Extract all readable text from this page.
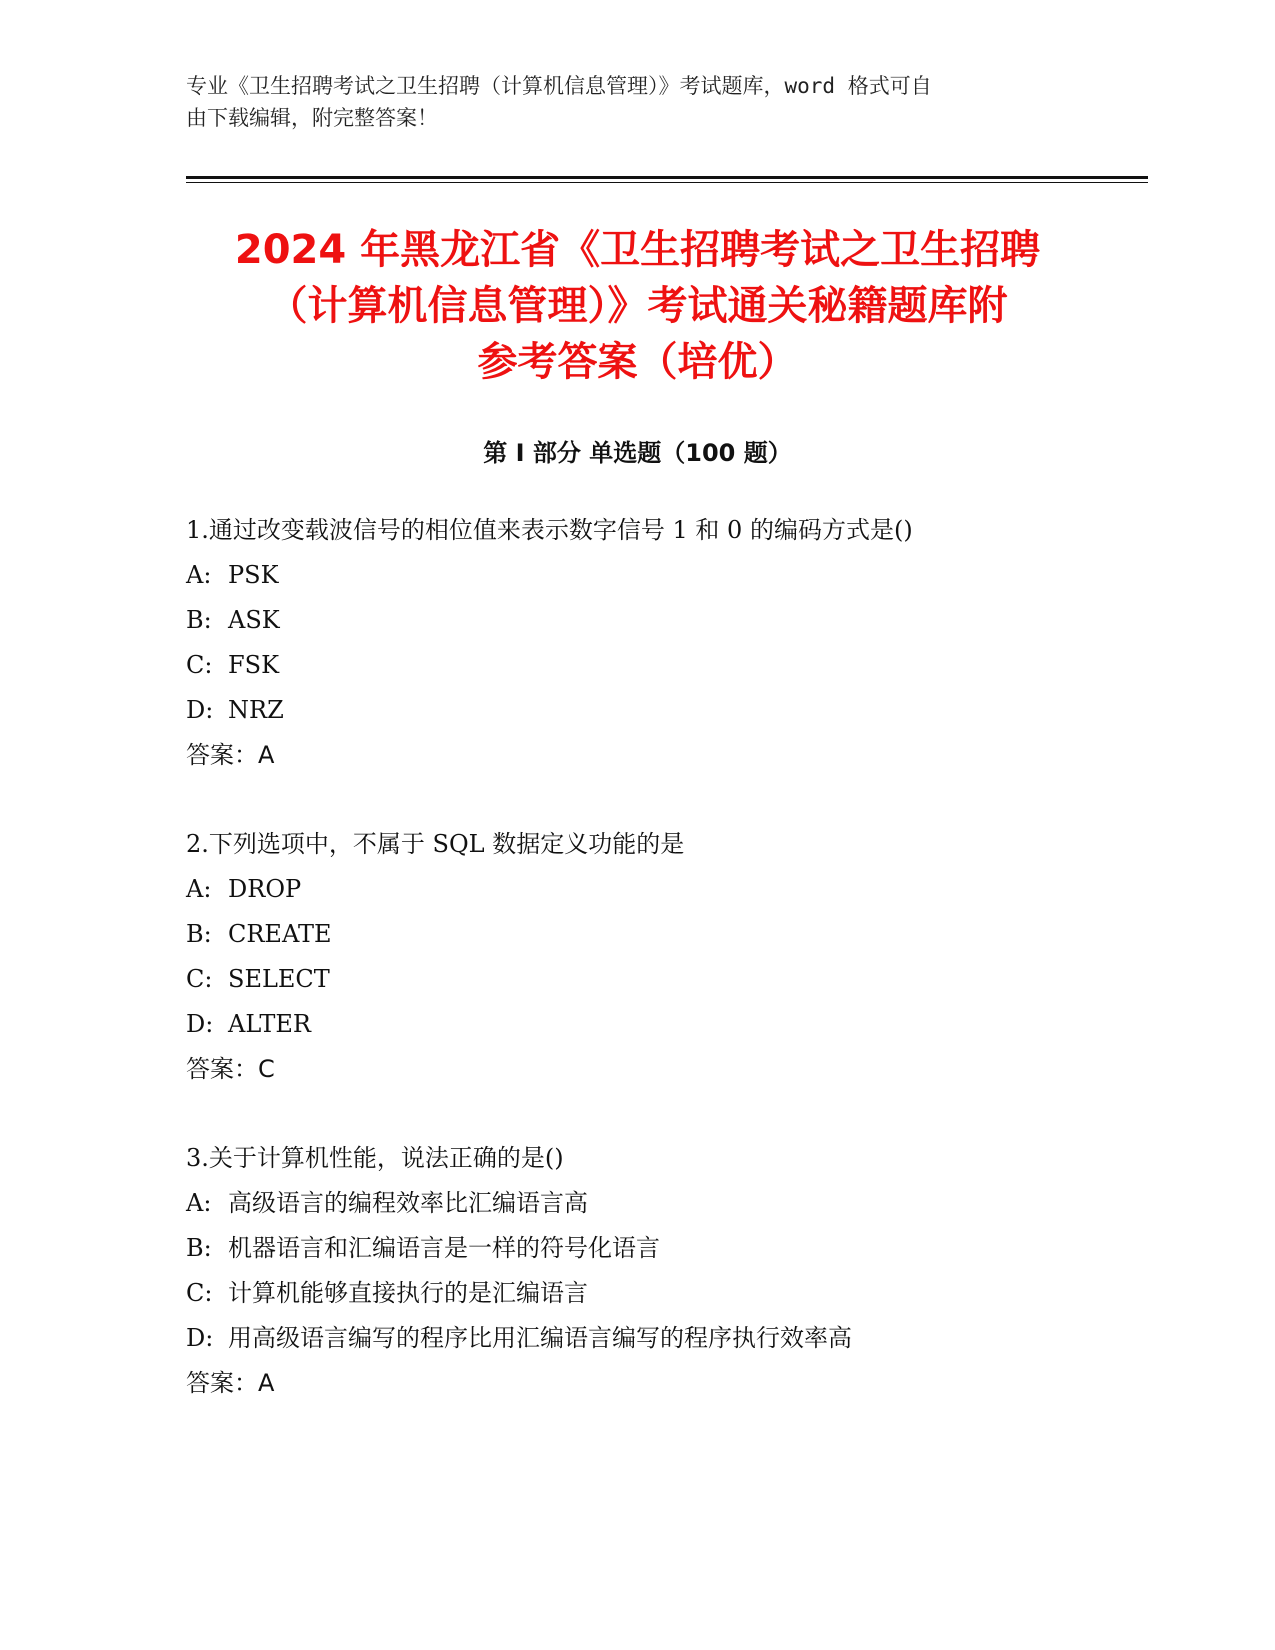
专业《卫生招聘考试之卫生招聘（计算机信息管理）》考试题库，word 格式可自
由下载编辑，附完整答案！
2024 年黑龙江省《卫生招聘考试之卫生招聘
（计算机信息管理）》考试通关秘籍题库附
参考答案（培优）
第 I 部分 单选题（100 题）
1.通过改变载波信号的相位值来表示数字信号 1 和 0 的编码方式是()
A: PSK
B: ASK
C: FSK
D: NRZ
答案：A
2.下列选项中，不属于 SQL 数据定义功能的是
A: DROP
B: CREATE
C: SELECT
D: ALTER
答案：C
3.关于计算机性能，说法正确的是()
A: 高级语言的编程效率比汇编语言高
B: 机器语言和汇编语言是一样的符号化语言
C: 计算机能够直接执行的是汇编语言
D: 用高级语言编写的程序比用汇编语言编写的程序执行效率高
答案：A
